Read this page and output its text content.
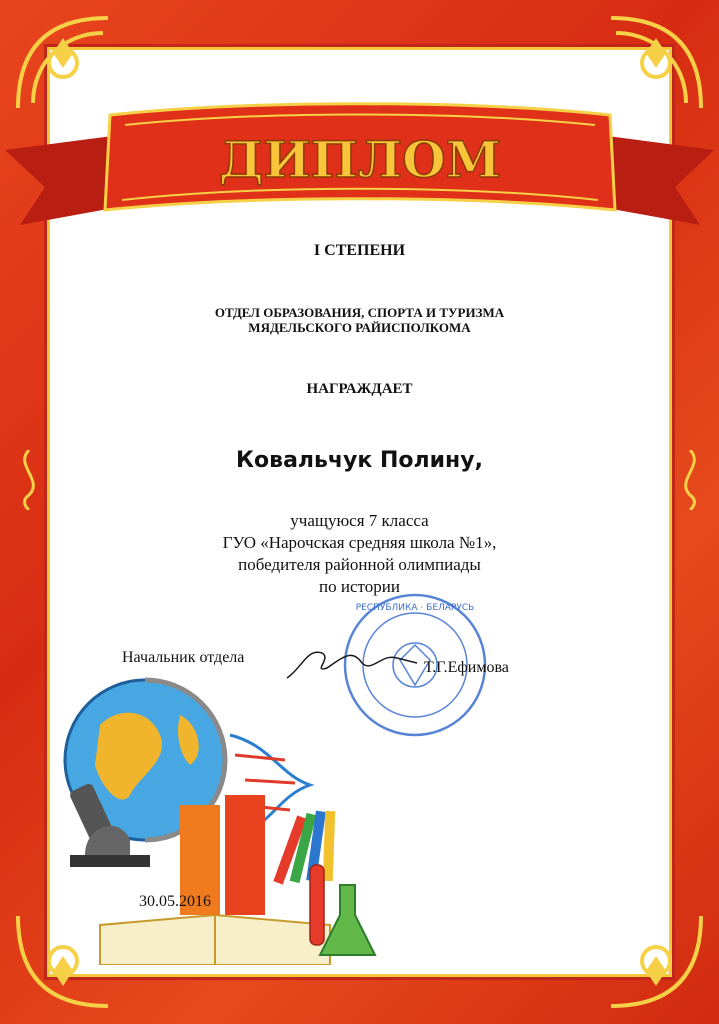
ДИПЛОМ
I СТЕПЕНИ
ОТДЕЛ ОБРАЗОВАНИЯ, СПОРТА И ТУРИЗМА
МЯДЕЛЬСКОГО РАЙИСПОЛКОМА
НАГРАЖДАЕТ
Ковальчук Полину,
учащуюся 7 класса
ГУО «Нарочская средняя школа №1»,
победителя районной олимпиады
по истории
РЕСПУБЛИКА · БЕЛАРУСЬ
Начальник отдела
Т.Г.Ефимова
30.05.2016
